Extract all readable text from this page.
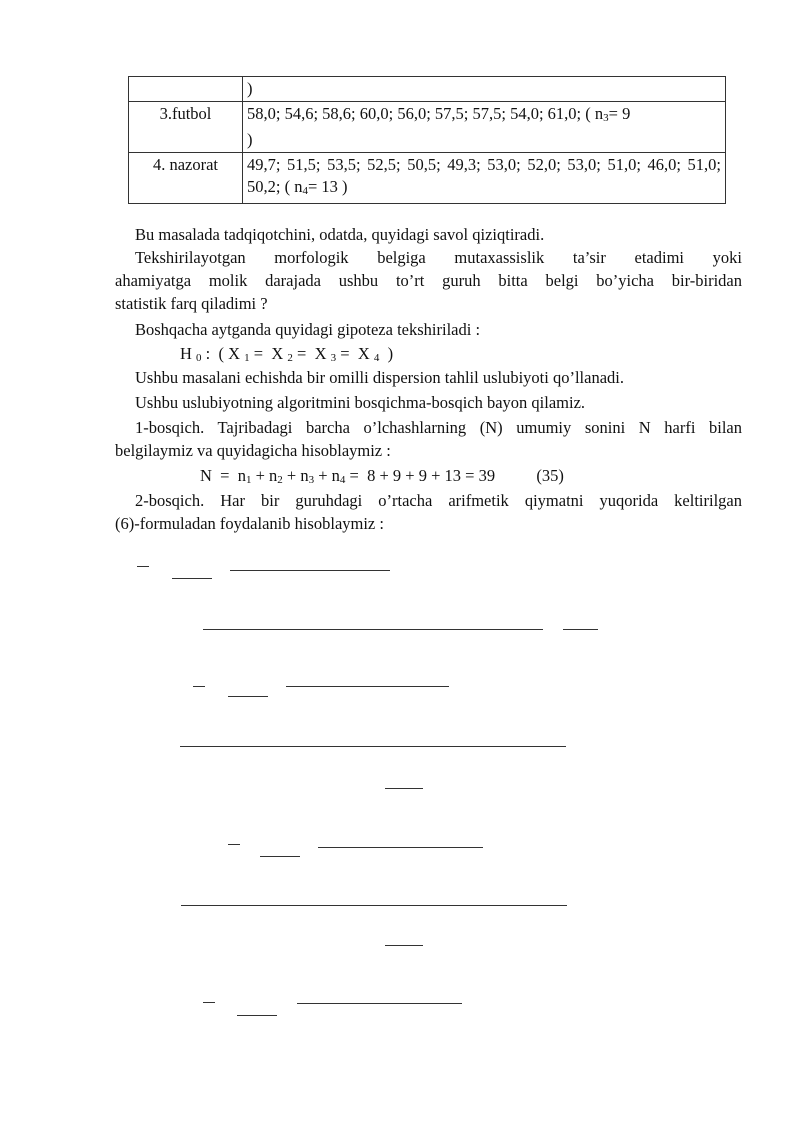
	)
3.futbol	58,0; 54,6; 58,6; 60,0; 56,0; 57,5; 57,5; 54,0; 61,0; ( $n_3= 9$
)
4. nazorat	49,7; 51,5; 53,5; 52,5; 50,5; 49,3; 53,0; 52,0; 53,0; 51,0; 46,0; 51,0; 50,2; ( $n_4= 13$ )
Bu masalada tadqiqotchini, odatda, quyidagi savol qiziqtiradi.
Tekshirilayotgan morfologik belgiga mutaxassislik ta’sir etadimi yoki
ahamiyatga molik darajada ushbu to’rt guruh bitta belgi bo’yicha bir-biridan
statistik farq qiladimi ?
Boshqacha aytganda quyidagi gipoteza tekshiriladi :
H $_0$ :  ( X $_1$ =  X $_2$ =  X $_3$ =  X $_4$  )
Ushbu masalani echishda bir omilli dispersion tahlil uslubiyoti qo’llanadi.
Ushbu uslubiyotning algoritmini bosqichma-bosqich bayon qilamiz.
1-bosqich. Tajribadagi barcha o’lchashlarning (N) umumiy sonini N harfi bilan
belgilaymiz va quyidagicha hisoblaymiz :
$N = n_1 + n_2 + n_3 + n_4 = 8 + 9 + 9 + 13 = 39$	(35)
2-bosqich. Har bir guruhdagi o’rtacha arifmetik qiymatni yuqorida keltirilgan
(6)-formuladan foydalanib hisoblaymiz :
